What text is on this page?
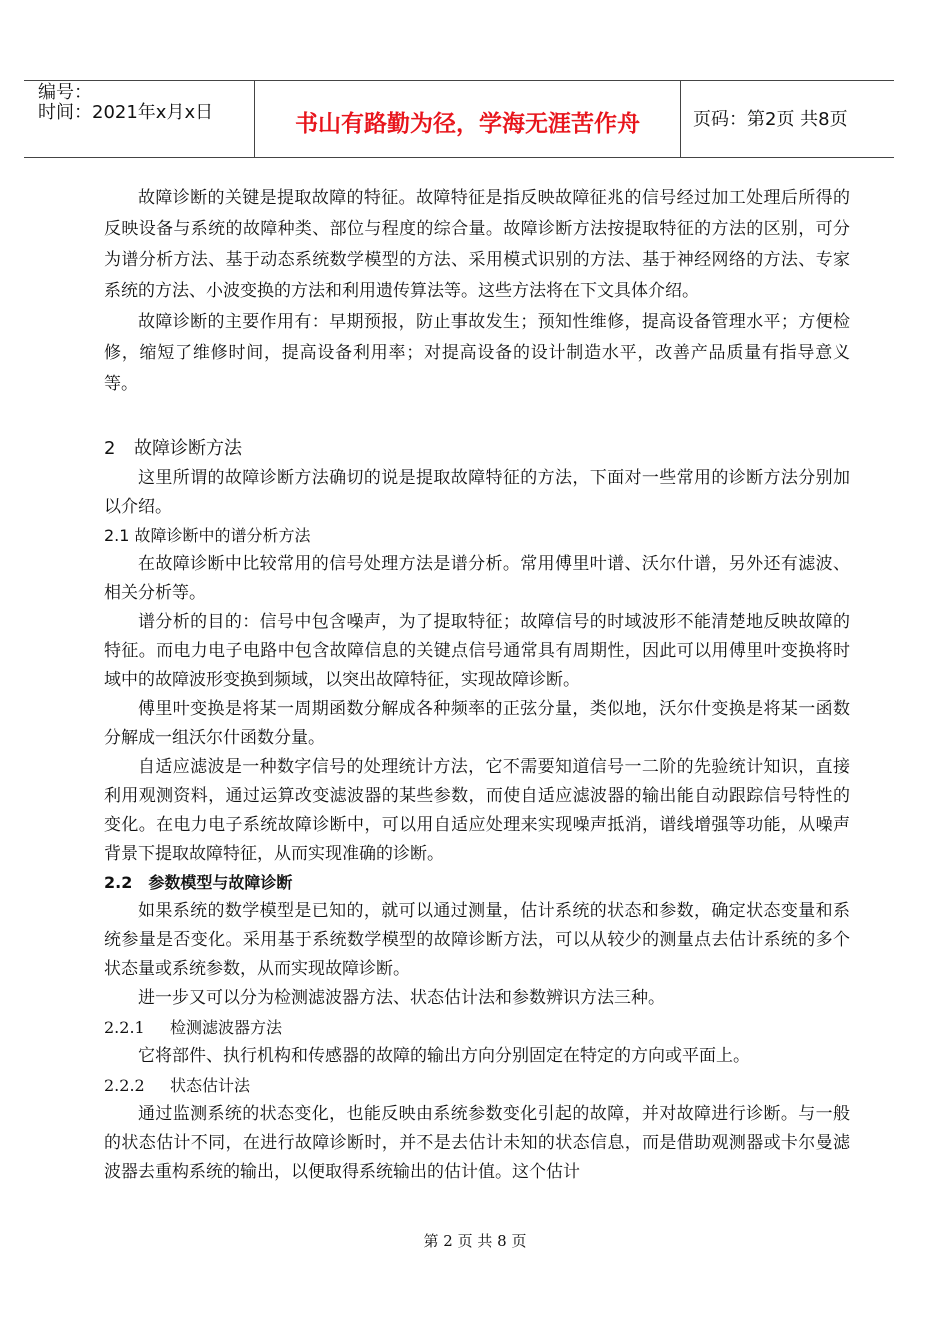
编号：
时间：2021年x月x日	书山有路勤为径，学海无涯苦作舟	页码：第2页 共8页

故障诊断的关键是提取故障的特征。故障特征是指反映故障征兆的信号经过加工处理后所得的反映设备与系统的故障种类、部位与程度的综合量。故障诊断方法按提取特征的方法的区别，可分为谱分析方法、基于动态系统数学模型的方法、采用模式识别的方法、基于神经网络的方法、专家系统的方法、小波变换的方法和利用遗传算法等。这些方法将在下文具体介绍。

故障诊断的主要作用有：早期预报，防止事故发生；预知性维修，提高设备管理水平；方便检修，缩短了维修时间，提高设备利用率；对提高设备的设计制造水平，改善产品质量有指导意义等。

2 故障诊断方法

这里所谓的故障诊断方法确切的说是提取故障特征的方法，下面对一些常用的诊断方法分别加以介绍。

2.1 故障诊断中的谱分析方法

在故障诊断中比较常用的信号处理方法是谱分析。常用傅里叶谱、沃尔什谱，另外还有滤波、相关分析等。

谱分析的目的：信号中包含噪声，为了提取特征；故障信号的时域波形不能清楚地反映故障的特征。而电力电子电路中包含故障信息的关键点信号通常具有周期性，因此可以用傅里叶变换将时域中的故障波形变换到频域，以突出故障特征，实现故障诊断。

傅里叶变换是将某一周期函数分解成各种频率的正弦分量，类似地，沃尔什变换是将某一函数分解成一组沃尔什函数分量。

自适应滤波是一种数字信号的处理统计方法，它不需要知道信号一二阶的先验统计知识，直接利用观测资料，通过运算改变滤波器的某些参数，而使自适应滤波器的输出能自动跟踪信号特性的变化。在电力电子系统故障诊断中，可以用自适应处理来实现噪声抵消，谱线增强等功能，从噪声背景下提取故障特征，从而实现准确的诊断。

2.2　参数模型与故障诊断

如果系统的数学模型是已知的，就可以通过测量，估计系统的状态和参数，确定状态变量和系统参量是否变化。采用基于系统数学模型的故障诊断方法，可以从较少的测量点去估计系统的多个状态量或系统参数，从而实现故障诊断。

进一步又可以分为检测滤波器方法、状态估计法和参数辨识方法三种。

2.2.1 检测滤波器方法

它将部件、执行机构和传感器的故障的输出方向分别固定在特定的方向或平面上。

2.2.2 状态估计法

通过监测系统的状态变化，也能反映由系统参数变化引起的故障，并对故障进行诊断。与一般的状态估计不同，在进行故障诊断时，并不是去估计未知的状态信息，而是借助观测器或卡尔曼滤波器去重构系统的输出，以便取得系统输出的估计值。这个估计

第 2 页 共 8 页
